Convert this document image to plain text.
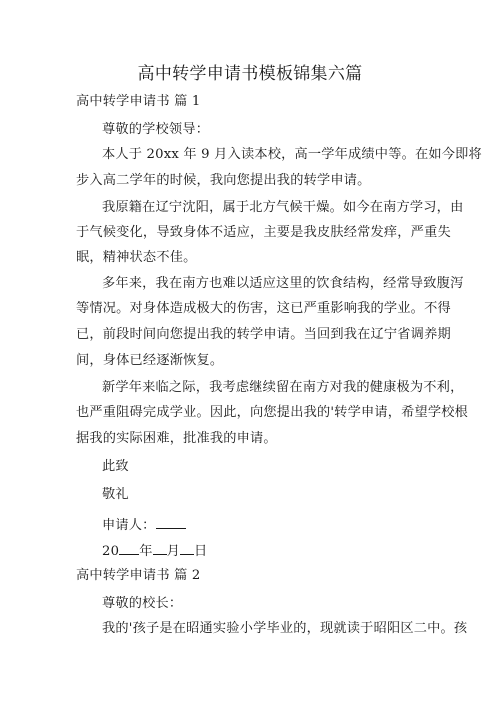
高中转学申请书模板锦集六篇
高中转学申请书 篇 1
尊敬的学校领导：
本人于 20xx 年 9 月入读本校，高一学年成绩中等。在如今即将
步入高二学年的时候，我向您提出我的转学申请。
我原籍在辽宁沈阳，属于北方气候干燥。如今在南方学习，由
于气候变化，导致身体不适应，主要是我皮肤经常发痒，严重失
眠，精神状态不佳。
多年来，我在南方也难以适应这里的饮食结构，经常导致腹泻
等情况。对身体造成极大的伤害，这已严重影响我的学业。不得
已，前段时间向您提出我的转学申请。当回到我在辽宁省调养期
间，身体已经逐渐恢复。
新学年来临之际，我考虑继续留在南方对我的健康极为不利，
也严重阻碍完成学业。因此，向您提出我的'转学申请，希望学校根
据我的实际困难，批准我的申请。
此致
敬礼
申请人：
20 年 月 日
高中转学申请书 篇 2
尊敬的校长：
我的'孩子是在昭通实验小学毕业的，现就读于昭阳区二中。孩
